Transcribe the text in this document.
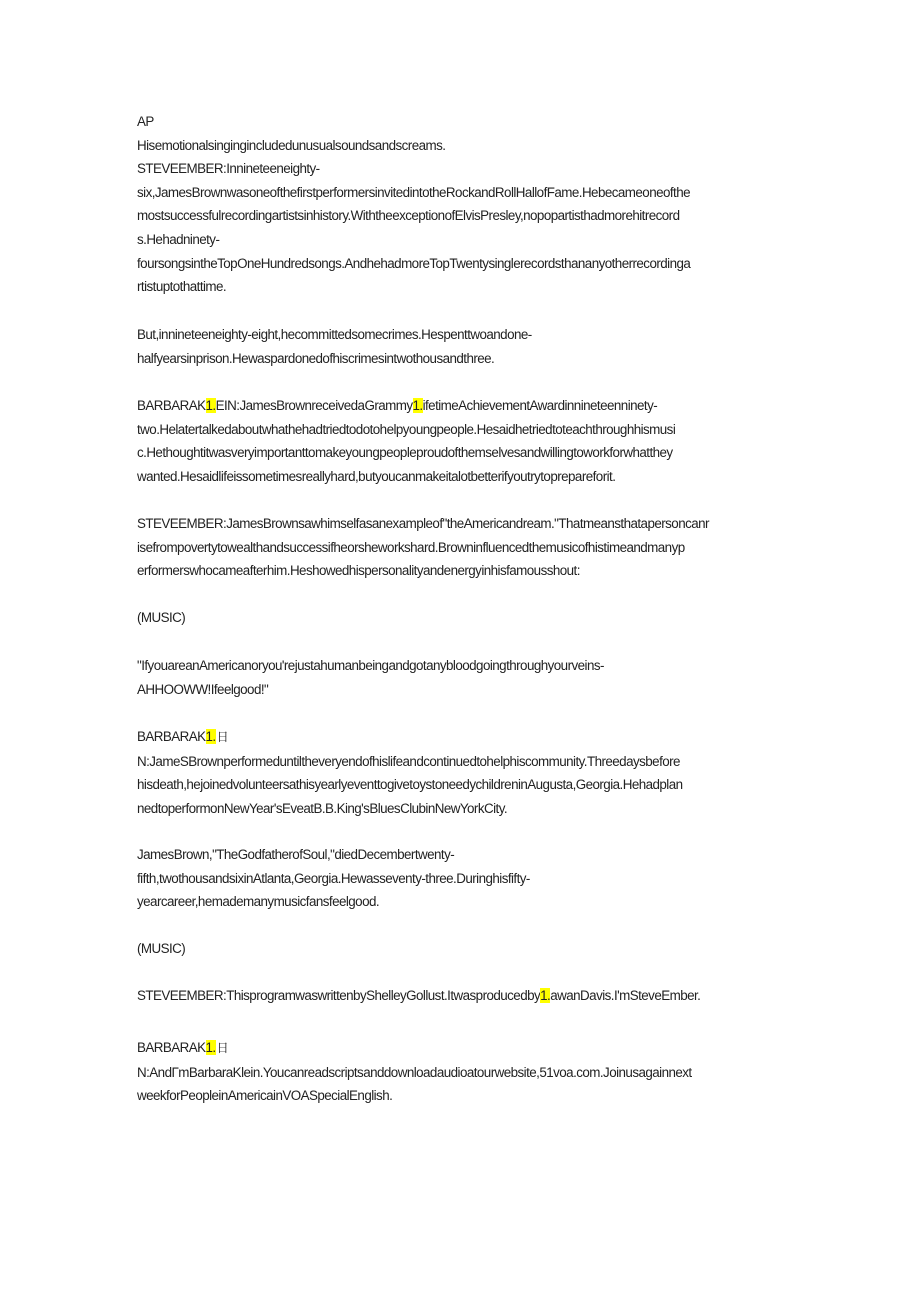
AP
Hisemotionalsingingincludedunusualsoundsandscreams.
STEVEEMBER:Innineteeneighty-
six,JamesBrownwasoneofthefirstperformersinvitedintotheRockandRollHallofFame.Hebecameoneofthe
mostsuccessfulrecordingartistsinhistory.WiththeexceptionofElvisPresley,nopopartisthadmorehitrecord
s.Hehadninety-
foursongsintheTopOneHundredsongs.AndhehadmoreTopTwentysinglerecordsthananyotherrecordinga
rtistuptothattime.
But,innineteeneighty-eight,hecommittedsomecrimes.Hespenttwoandone-
halfyearsinprison.Hewaspardonedofhiscrimesintwothousandthree.
BARBARAK1.EIN:JamesBrownreceivedaGrammy1.ifetimeAchievementAwardinnineteenninety-
two.Helatertalkedaboutwhathehadtriedtodotohelpyoungpeople.Hesaidhetriedtoteachthroughhismusi
c.Hethoughtitwasveryimportanttomakeyoungpeopleproudofthemselvesandwillingtoworkforwhatthey
wanted.Hesaidlifeissometimesreallyhard,butyoucanmakeitalotbetterifyoutrytoprepareforit.
STEVEEMBER:JamesBrownsawhimselfasanexampleof"theAmericandream."Thatmeansthatapersoncanr
isefrompovertytowealthandsuccessifheorsheworkshard.Browninfluencedthemusicofhistimeandmanyp
erformerswhocameafterhim.Heshowedhispersonalityandenergyinhisfamousshout:
(MUSIC)
"IfyouareanAmericanoryou'rejustahumanbeingandgotanybloodgoingthroughyourveins-
AHHOOWW!Ifeelgood!"
BARBARAK1.日
N:JameSBrownperformeduntiltheveryendofhislifeandcontinuedtohelphiscommunity.Threedaysbefore
hisdeath,hejoinedvolunteersathisyearlyeventtogivetoystoneedychildreninAugusta,Georgia.Hehadplan
nedtoperformonNewYear'sEveatB.B.King'sBluesClubinNewYorkCity.
JamesBrown,"TheGodfatherofSoul,"diedDecembertwenty-
fifth,twothousandsixinAtlanta,Georgia.Hewasseventy-three.Duringhisfifty-
yearcareer,hemademanymusicfansfeelgood.
(MUSIC)
STEVEEMBER:ThisprogramwaswrittenbyShelleyGollust.Itwasproducedby1.awanDavis.I'mSteveEmber.
BARBARAK1.日
N:AndΓmBarbaraKlein.Youcanreadscriptsanddownloadaudioatourwebsite,51voa.com.Joinusagainnext
weekforPeopleinAmericainVOASpecialEnglish.
